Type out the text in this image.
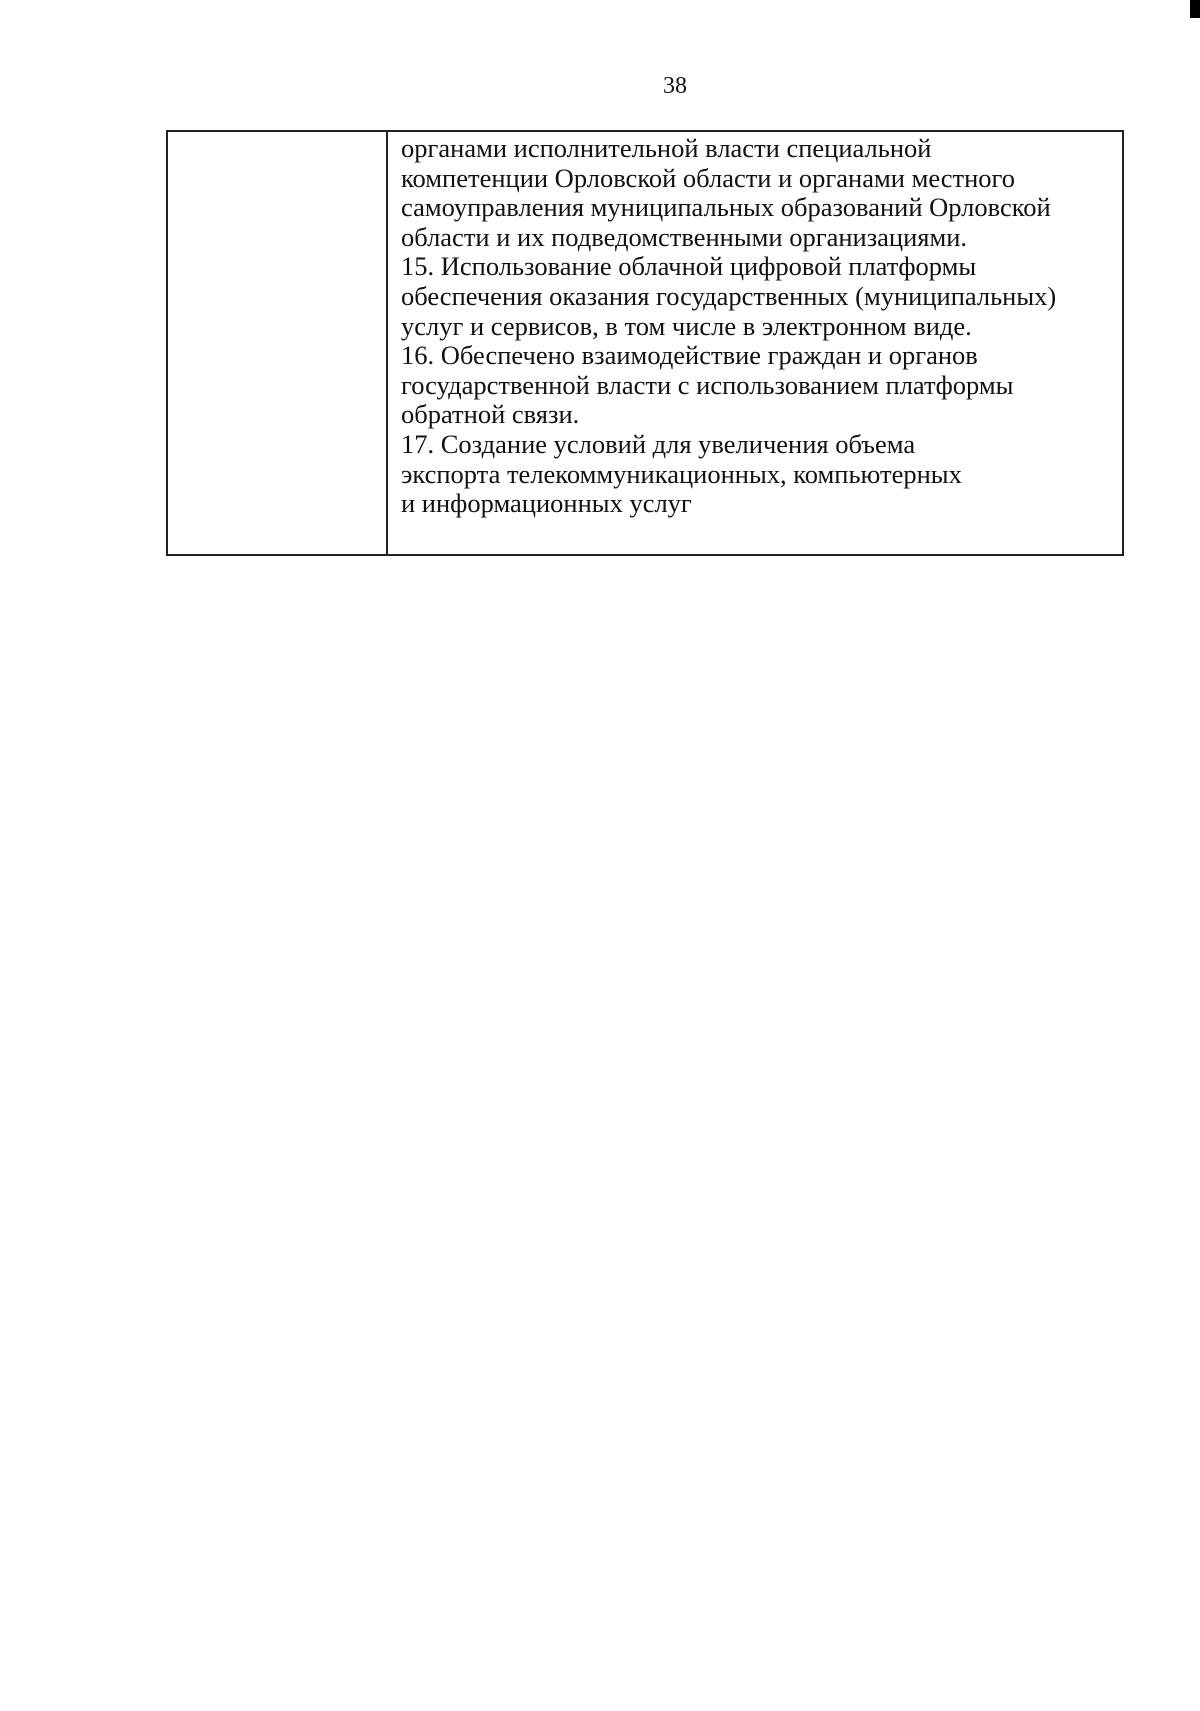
38

органами исполнительной власти специальной
компетенции Орловской области и органами местного
самоуправления муниципальных образований Орловской
области и их подведомственными организациями.
15. Использование облачной цифровой платформы
обеспечения оказания государственных (муниципальных)
услуг и сервисов, в том числе в электронном виде.
16. Обеспечено взаимодействие граждан и органов
государственной власти с использованием платформы
обратной связи.
17. Создание условий для увеличения объема
экспорта телекоммуникационных, компьютерных
и информационных услуг
